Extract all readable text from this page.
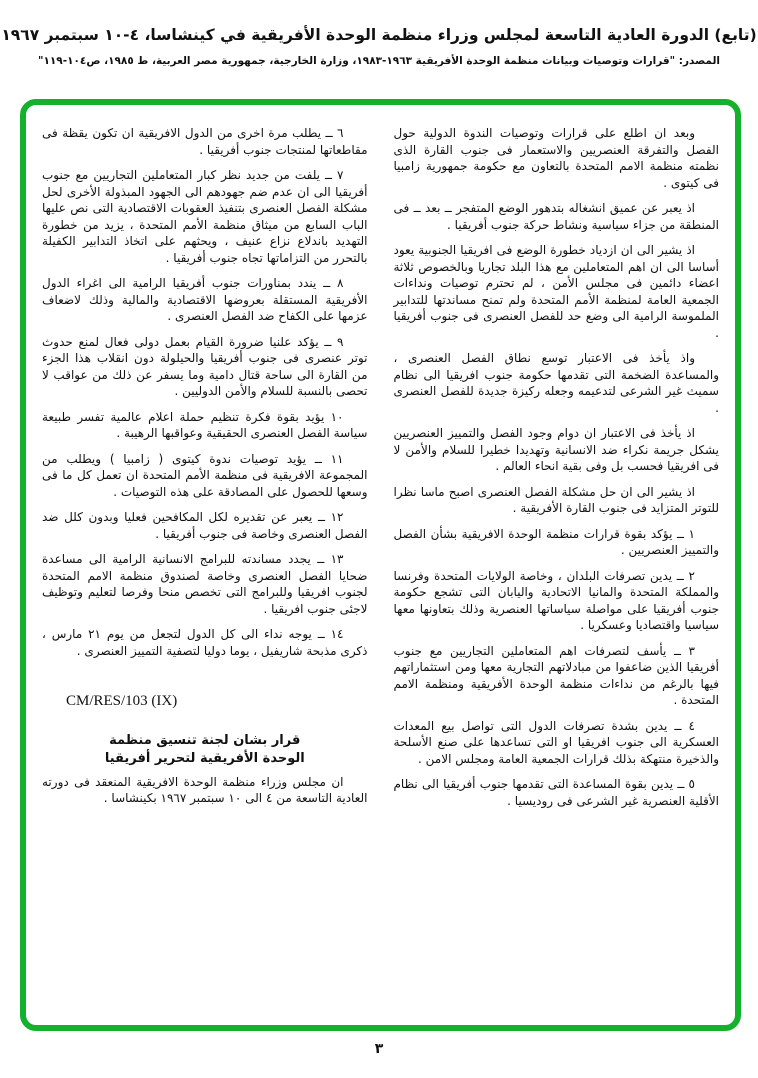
(تابع) الدورة العادية التاسعة لمجلس وزراء منظمة الوحدة الأفريقية في كينشاسا، ٤-١٠ سبتمبر ١٩٦٧
المصدر: "قرارات وتوصيات وبيانات منظمة الوحدة الأفريقية ١٩٦٣-١٩٨٣، وزارة الخارجية، جمهورية مصر العربية، ط ١٩٨٥، ص١٠٤-١١٩"

وبعد ان اطلع على قرارات وتوصيات الندوة الدولية حول الفصل والتفرقة العنصريين والاستعمار فى جنوب القارة الذى نظمته منظمة الامم المتحدة بالتعاون مع حكومة جمهورية زامبيا فى كيتوى .

اذ يعبر عن عميق انشغاله بتدهور الوضع المتفجر ــ بعد ــ فى المنطقة من جزاء سياسية ونشاط حركة جنوب أفريقيا .

اذ يشير الى ان ازدياد خطورة الوضع فى افريقيا الجنوبية يعود أساسا الى ان اهم المتعاملين مع هذا البلد تجاريا وبالخصوص ثلاثة اعضاء دائمين فى مجلس الأمن ، لم تحترم توصيات ونداءات الجمعية العامة لمنظمة الأمم المتحدة ولم تمنح مساندتها للتدابير الملموسة الرامية الى وضع حد للفصل العنصرى فى جنوب أفريقيا .

واذ يأخذ فى الاعتبار توسع نطاق الفصل العنصرى ، والمساعدة الضخمة التى تقدمها حكومة جنوب افريقيا الى نظام سميث غير الشرعى لتدعيمه وجعله ركيزة جديدة للفصل العنصرى .

اذ يأخذ فى الاعتبار ان دوام وجود الفصل والتمييز العنصريين يشكل جريمة نكراء ضد الانسانية وتهديدا خطيرا للسلام والأمن لا فى افريقيا فحسب بل وفى بقية انحاء العالم .

اذ يشير الى ان حل مشكلة الفصل العنصرى اصبح ماسا نظرا للتوتر المتزايد فى جنوب القارة الأفريقية .

١ ــ يؤكد بقوة قرارات منظمة الوحدة الافريقية بشأن الفصل والتمييز العنصريين .

٢ ــ يدين تصرفات البلدان ، وخاصة الولايات المتحدة وفرنسا والمملكة المتحدة والمانيا الاتحادية واليابان التى تشجع حكومة جنوب أفريقيا على مواصلة سياساتها العنصرية وذلك بتعاونها معها سياسيا واقتصاديا وعسكريا .

٣ ــ يأسف لتصرفات اهم المتعاملين التجاريين مع جنوب أفريقيا الذين ضاعفوا من مبادلاتهم التجارية معها ومن استثماراتهم فيها بالرغم من نداءات منظمة الوحدة الأفريقية ومنظمة الامم المتحدة .

٤ ــ يدين بشدة تصرفات الدول التى تواصل بيع المعدات العسكرية الى جنوب افريقيا او التى تساعدها على صنع الأسلحة والذخيرة منتهكة بذلك قرارات الجمعية العامة ومجلس الامن .

٥ ــ يدين بقوة المساعدة التى تقدمها جنوب أفريقيا الى نظام الأقلية العنصرية غير الشرعى فى روديسيا .

٦ ــ يطلب مرة اخرى من الدول الافريقية ان تكون يقظة فى مقاطعاتها لمنتجات جنوب أفريقيا .

٧ ــ يلفت من جديد نظر كبار المتعاملين التجاريين مع جنوب أفريقيا الى ان عدم ضم جهودهم الى الجهود المبذولة الأخرى لحل مشكلة الفصل العنصرى بتنفيذ العقوبات الاقتصادية التى نص عليها الباب السابع من ميثاق منظمة الأمم المتحدة ، يزيد من خطورة التهديد باندلاع نزاع عنيف ، ويحثهم على اتخاذ التدابير الكفيلة بالتحرر من التزاماتها تجاه جنوب أفريقيا .

٨ ــ يندد بمناورات جنوب أفريقيا الرامية الى اغراء الدول الأفريقية المستقلة بعروضها الاقتصادية والمالية وذلك لاضعاف عزمها على الكفاح ضد الفصل العنصرى .

٩ ــ يؤكد علنيا ضرورة القيام بعمل دولى فعال لمنع حدوث توتر عنصرى فى جنوب أفريقيا والحيلولة دون انقلاب هذا الجزء من القارة الى ساحة قتال دامية وما يسفر عن ذلك من عواقب لا تحصى بالنسبة للسلام والأمن الدوليين .

١٠ يؤيد بقوة فكرة تنظيم حملة اعلام عالمية تفسر طبيعة سياسة الفصل العنصرى الحقيقية وعواقبها الرهيبة .

١١ ــ يؤيد توصيات ندوة كيتوى ( زامبيا ) ويطلب من المجموعة الافريقية فى منظمة الأمم المتحدة ان تعمل كل ما فى وسعها للحصول على المصادقة على هذه التوصيات .

١٢ ــ يعبر عن تقديره لكل المكافحين فعليا وبدون كلل ضد الفصل العنصرى وخاصة فى جنوب أفريقيا .

١٣ ــ يجدد مساندته للبرامج الانسانية الرامية الى مساعدة ضحايا الفصل العنصرى وخاصة لصندوق منظمة الامم المتحدة لجنوب افريقيا وللبرامج التى تخصص منحا وفرصا لتعليم وتوظيف لاجئى جنوب افريقيا .

١٤ ــ يوجه نداء الى كل الدول لتجعل من يوم ٢١ مارس ، ذكرى مذبحة شاريفيل ، يوما دوليا لتصفية التمييز العنصرى .

CM/RES/103 (IX)

قرار بشان لجنة تنسيق منظمة
الوحدة الأفريقية لتحرير أفريقيا

ان مجلس وزراء منظمة الوحدة الافريقية المنعقد فى دورته العادية التاسعة من ٤ الى ١٠ سبتمبر ١٩٦٧ بكينشاسا .

٣
